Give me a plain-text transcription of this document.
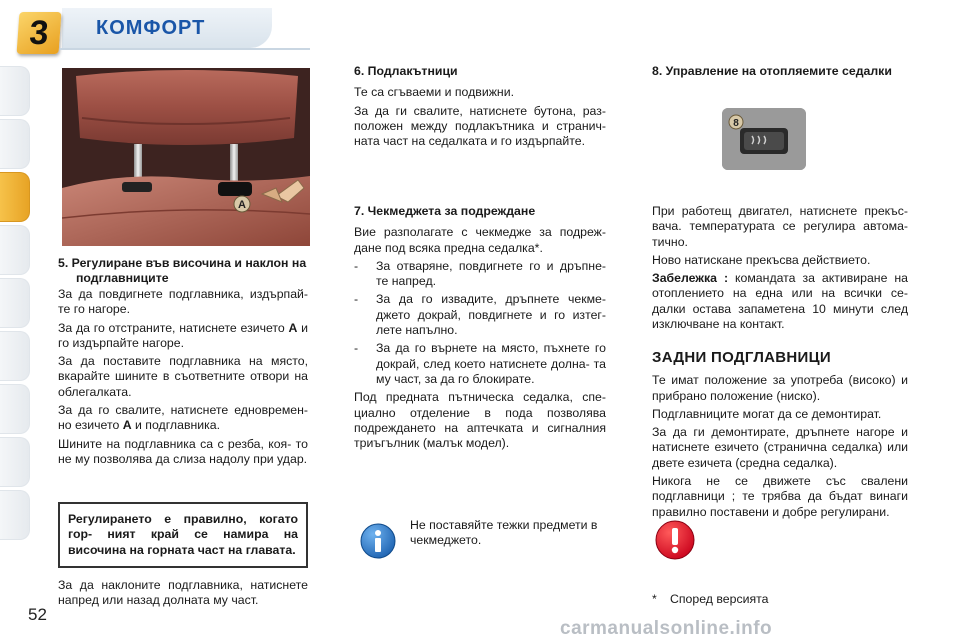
3 КОМФОРТ
A
5. Регулиране във височина и наклон на подглавниците

За да повдигнете подглавника, издърпай- те го нагоре.

За да го отстраните, натиснете езичето A и го издърпайте нагоре.

За да поставите подглавника на място, вкарайте шините в съответните отвори на облегалката.

За да го свалите, натиснете едновремен- но езичето A и подглавника.

Шините на подглавника са с резба, коя- то не му позволява да слиза надолу при удар.

Регулирането е правилно, когато гор- ният край се намира на височина на горната част на главата.

За да наклоните подглавника, натиснете напред или назад долната му част.

52
6. Подлакътници

Те са сгъваеми и подвижни.

За да ги свалите, натиснете бутона, раз- положен между подлакътника и странич- ната част на седалката и го издърпайте.

7. Чекмеджета за подреждане

Вие разполагате с чекмедже за подреж- дане под всяка предна седалка*.

-	За отваряне, повдигнете го и дръпне- те напред.
-	За да го извадите, дръпнете чекме- джето докрай, повдигнете и го изтег- лете напълно.
-	За да го върнете на място, пъхнете го докрай, след което натиснете долна- та му част, за да го блокирате.

Под предната пътническа седалка, спе- циално отделение в пода позволява подреждането на аптечката и сигналния триъгълник (малък модел).

Не поставяйте тежки предмети в чекмеджето.

8. Управление на отопляемите седалки
8

При работещ двигател, натиснете прекъс- вача. температурата се регулира автома- тично.

Ново натискане прекъсва действието.

Забележка : командата за активиране на отоплението на една или на всички се- далки остава запаметена 10 минути след изключване на контакт.

ЗАДНИ ПОДГЛАВНИЦИ

Те имат положение за употреба (високо) и прибрано положение (ниско).

Подглавниците могат да се демонтират.

За да ги демонтирате, дръпнете нагоре и натиснете езичето (странична седалка) или двете езичета (средна седалка).

Никога не се движете със свалени подглавници ; те трябва да бъдат винаги правилно поставени и добре регулирани.

* Според версията
carmanualsonline.info
